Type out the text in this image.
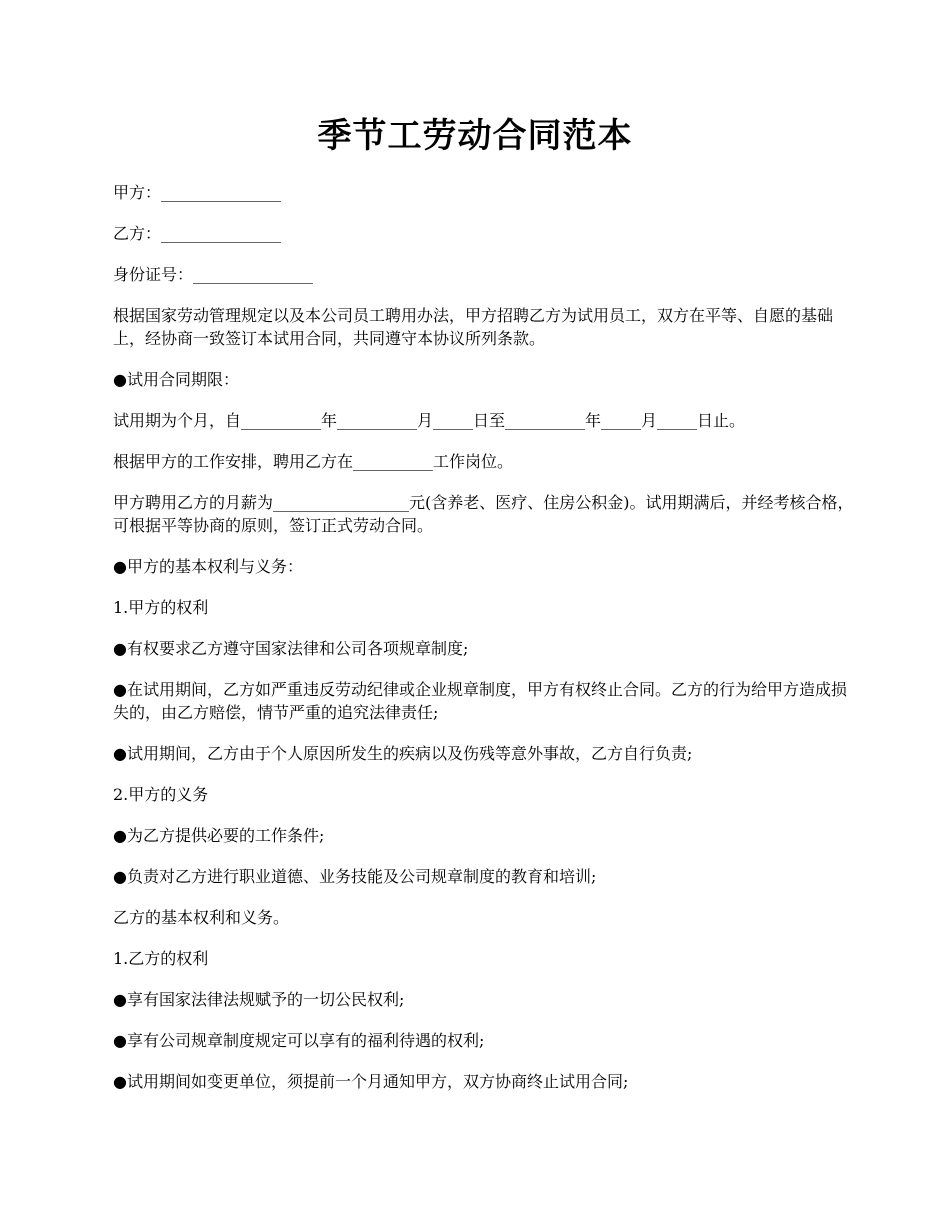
季节工劳动合同范本

甲方：_______________

乙方：_______________

身份证号：_______________

根据国家劳动管理规定以及本公司员工聘用办法，甲方招聘乙方为试用员工，双方在平等、自愿的基础上，经协商一致签订本试用合同，共同遵守本协议所列条款。

●试用合同期限：

试用期为个月，自__________年__________月_____日至__________年_____月_____日止。

根据甲方的工作安排，聘用乙方在__________工作岗位。

甲方聘用乙方的月薪为_________________元(含养老、医疗、住房公积金)。试用期满后，并经考核合格，可根据平等协商的原则，签订正式劳动合同。

●甲方的基本权利与义务：

1.甲方的权利

●有权要求乙方遵守国家法律和公司各项规章制度;

●在试用期间，乙方如严重违反劳动纪律或企业规章制度，甲方有权终止合同。乙方的行为给甲方造成损失的，由乙方赔偿，情节严重的追究法律责任;

●试用期间，乙方由于个人原因所发生的疾病以及伤残等意外事故，乙方自行负责;

2.甲方的义务

●为乙方提供必要的工作条件;

●负责对乙方进行职业道德、业务技能及公司规章制度的教育和培训;

乙方的基本权利和义务。

1.乙方的权利

●享有国家法律法规赋予的一切公民权利;

●享有公司规章制度规定可以享有的福利待遇的权利;

●试用期间如变更单位，须提前一个月通知甲方，双方协商终止试用合同;
